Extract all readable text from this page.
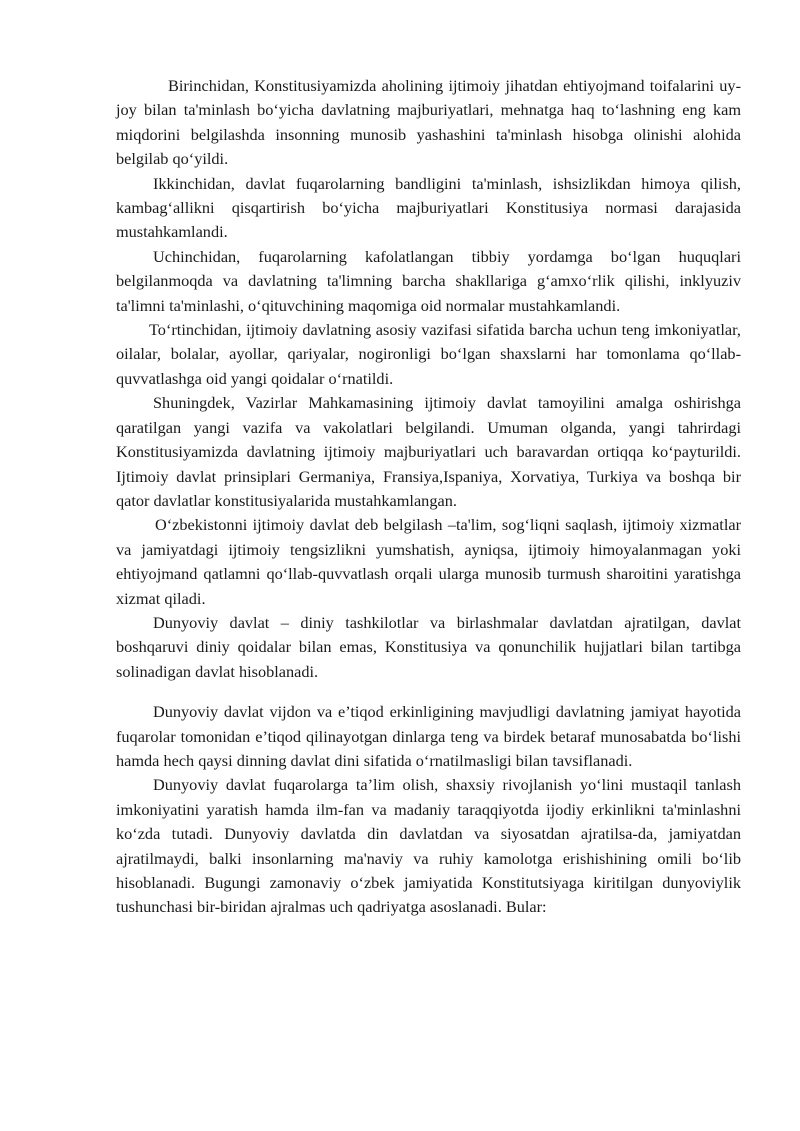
Birinchidan, Konstitusiyamizda aholining ijtimoiy jihatdan ehtiyojmand toifalarini uy-joy bilan ta'minlash bo‘yicha davlatning majburiyatlari, mehnatga haq to‘lashning eng kam miqdorini belgilashda insonning munosib yashashini ta'minlash hisobga olinishi alohida belgilab qo‘yildi.

Ikkinchidan, davlat fuqarolarning bandligini ta'minlash, ishsizlikdan himoya qilish, kambag‘allikni qisqartirish bo‘yicha majburiyatlari Konstitusiya normasi darajasida mustahkamlandi.

Uchinchidan, fuqarolarning kafolatlangan tibbiy yordamga bo‘lgan huquqlari belgilanmoqda va davlatning ta'limning barcha shakllariga g‘amxo‘rlik qilishi, inklyuziv ta'limni ta'minlashi, o‘qituvchining maqomiga oid normalar mustahkamlandi.

To‘rtinchidan, ijtimoiy davlatning asosiy vazifasi sifatida barcha uchun teng imkoniyatlar, oilalar, bolalar, ayollar, qariyalar, nogironligi bo‘lgan shaxslarni har tomonlama qo‘llab-quvvatlashga oid yangi qoidalar o‘rnatildi.

Shuningdek, Vazirlar Mahkamasining ijtimoiy davlat tamoyilini amalga oshirishga qaratilgan yangi vazifa va vakolatlari belgilandi. Umuman olganda, yangi tahrirdagi Konstitusiyamizda davlatning ijtimoiy majburiyatlari uch baravardan ortiqqa ko‘payturildi. Ijtimoiy davlat prinsiplari Germaniya, Fransiya,Ispaniya, Xorvatiya, Turkiya va boshqa bir qator davlatlar konstitusiyalarida mustahkamlangan.

O‘zbekistonni ijtimoiy davlat deb belgilash –ta'lim, sog‘liqni saqlash, ijtimoiy xizmatlar va jamiyatdagi ijtimoiy tengsizlikni yumshatish, ayniqsa, ijtimoiy himoyalanmagan yoki ehtiyojmand qatlamni qo‘llab-quvvatlash orqali ularga munosib turmush sharoitini yaratishga xizmat qiladi.

Dunyoviy davlat – diniy tashkilotlar va birlashmalar davlatdan ajratilgan, davlat boshqaruvi diniy qoidalar bilan emas, Konstitusiya va qonunchilik hujjatlari bilan tartibga solinadigan davlat hisoblanadi.

Dunyoviy davlat vijdon va e’tiqod erkinligining mavjudligi davlatning jamiyat hayotida fuqarolar tomonidan e’tiqod qilinayotgan dinlarga teng va birdek betaraf munosabatda bo‘lishi hamda hech qaysi dinning davlat dini sifatida o‘rnatilmasligi bilan tavsiflanadi.

Dunyoviy davlat fuqarolarga ta’lim olish, shaxsiy rivojlanish yo‘lini mustaqil tanlash imkoniyatini yaratish hamda ilm-fan va madaniy taraqqiyotda ijodiy erkinlikni ta'minlashni ko‘zda tutadi. Dunyoviy davlatda din davlatdan va siyosatdan ajratilsa-da, jamiyatdan ajratilmaydi, balki insonlarning ma'naviy va ruhiy kamolotga erishishining omili bo‘lib hisoblanadi. Bugungi zamonaviy o‘zbek jamiyatida Konstitutsiyaga kiritilgan dunyoviylik tushunchasi bir-biridan ajralmas uch qadriyatga asoslanadi. Bular:
